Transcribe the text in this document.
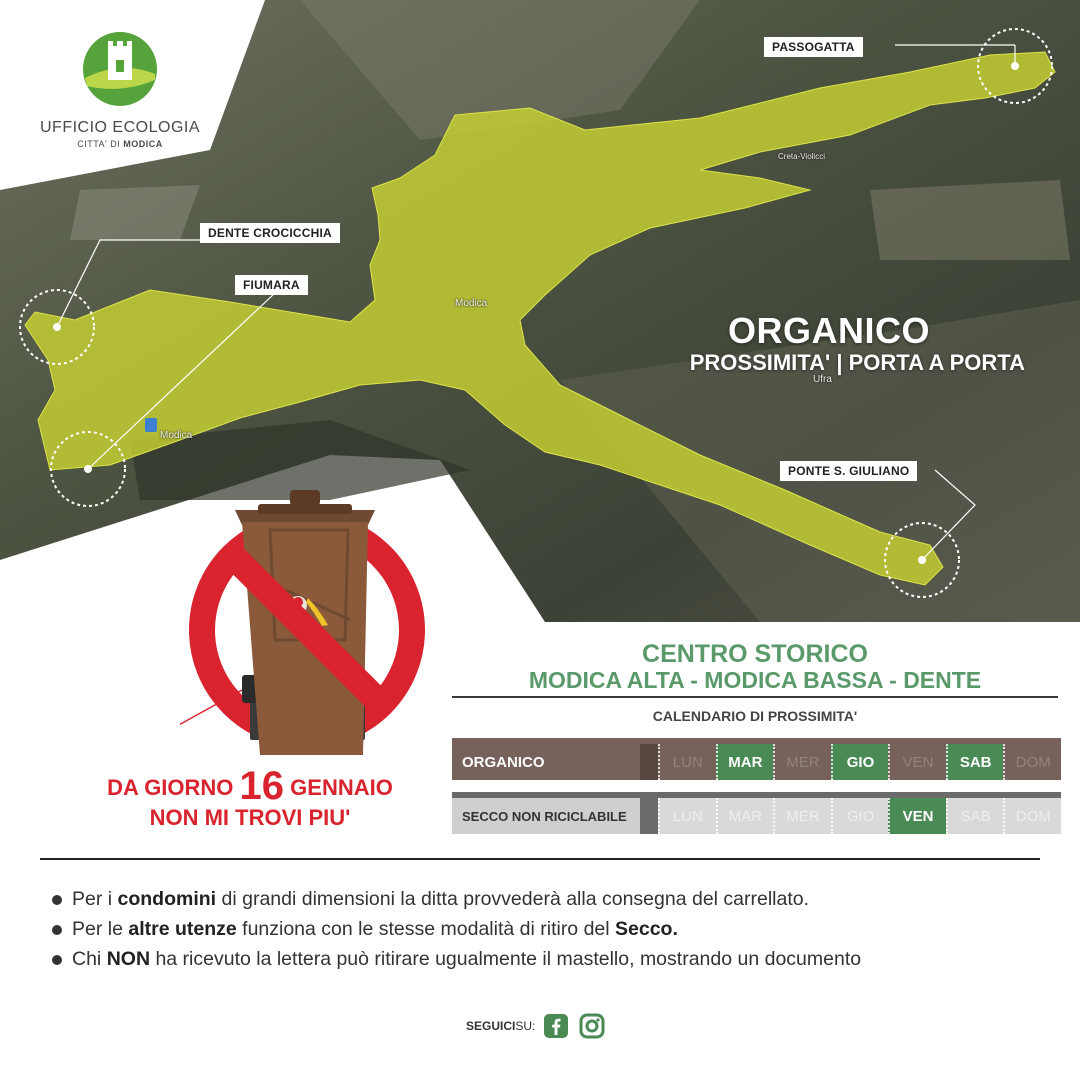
UFFICIO ECOLOGIA
CITTA' DI MODICA
PASSOGATTA
DENTE CROCICCHIA
FIUMARA
PONTE S. GIULIANO
Modica
Modica
Creta-Violicci
Ufra
ORGANICO
PROSSIMITA' | PORTA A PORTA
DA GIORNO 16 GENNAIO
NON MI TROVI PIU'
CENTRO STORICO
MODICA ALTA - MODICA BASSA - DENTE
CALENDARIO DI PROSSIMITA'
ORGANICO	LUN	MAR	MER	GIO	VEN	SAB	DOM
SECCO NON RICICLABILE	LUN	MAR	MER	GIO	VEN	SAB	DOM
Per i condomini di grandi dimensioni la ditta provvederà alla consegna del carrellato.
Per le altre utenze funziona con le stesse modalità di ritiro del Secco.
Chi NON ha ricevuto la lettera può ritirare ugualmente il mastello, mostrando un documento
SEGUICI SU:
